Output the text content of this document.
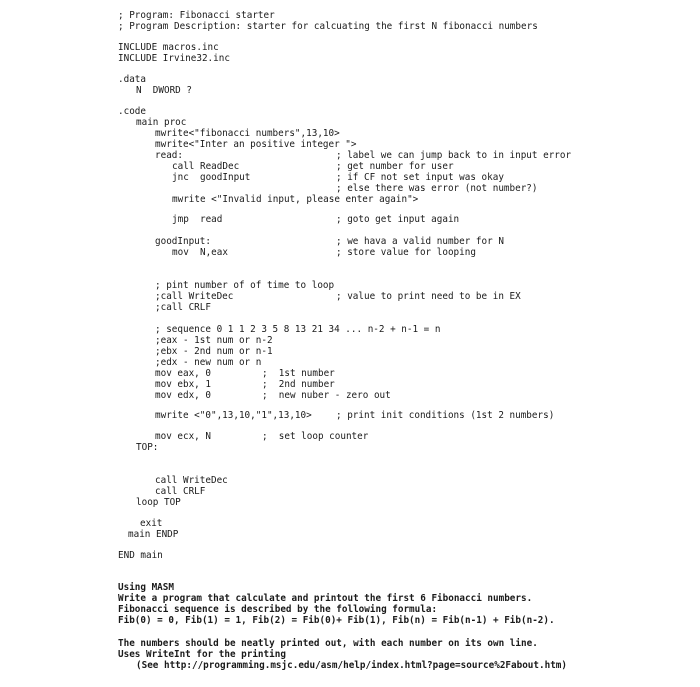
; Program: Fibonacci starter
; Program Description: starter for calcuating the first N fibonacci numbers
INCLUDE macros.inc
INCLUDE Irvine32.inc
.data
N  DWORD ?
.code
main proc
mwrite<"fibonacci numbers",13,10>
mwrite<"Inter an positive integer ">
read:	; label we can jump back to in input error
call ReadDec	; get number for user
jnc  goodInput	; if CF not set input was okay
; else there was error (not number?)
mwrite <"Invalid input, please enter again">
jmp  read	; goto get input again
goodInput:	; we hava a valid number for N
mov  N,eax	; store value for looping
; pint number of of time to loop
;call WriteDec	; value to print need to be in EX
;call CRLF
; sequence 0 1 1 2 3 5 8 13 21 34 ... n-2 + n-1 = n
;eax - 1st num or n-2
;ebx - 2nd num or n-1
;edx - new num or n
mov eax, 0	;  1st number
mov ebx, 1	;  2nd number
mov edx, 0	;  new nuber - zero out
mwrite <"0",13,10,"1",13,10>	; print init conditions (1st 2 numbers)
mov ecx, N	;  set loop counter
TOP:
call WriteDec
call CRLF
loop TOP
exit
main ENDP
END main
Using MASM
Write a program that calculate and printout the first 6 Fibonacci numbers.
Fibonacci sequence is described by the following formula:
Fib(0) = 0, Fib(1) = 1, Fib(2) = Fib(0)+ Fib(1), Fib(n) = Fib(n-1) + Fib(n-2).
The numbers should be neatly printed out, with each number on its own line.
Uses WriteInt for the printing
(See http://programming.msjc.edu/asm/help/index.html?page=source%2Fabout.htm)
